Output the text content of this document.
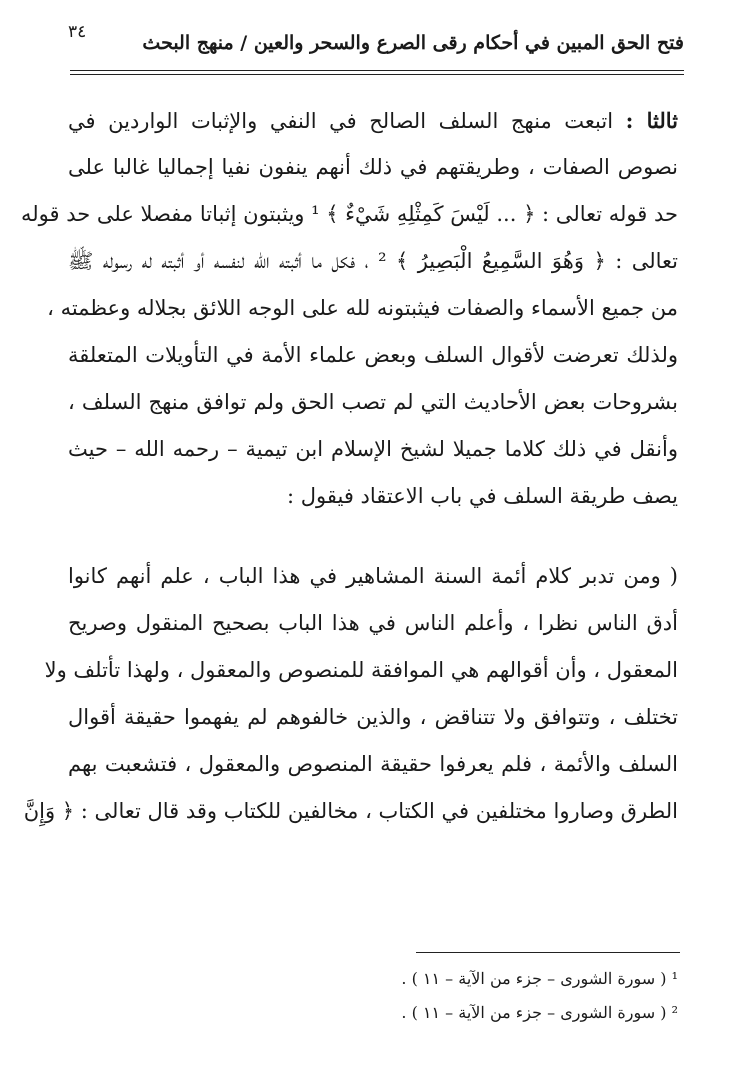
٣٤	فتح الحق المبين في أحكام رقى الصرع والسحر والعين / منهج البحث
ثالثا : اتبعت منهج السلف الصالح في النفي والإثبات الواردين في
نصوص الصفات ، وطريقتهم في ذلك أنهم ينفون نفيا إجماليا غالبا على
حد قوله تعالى : ﴿ ... لَيْسَ كَمِثْلِهِ شَيْءٌ ﴾ ¹ ويثبتون إثباتا مفصلا على حد قوله
تعالى : ﴿ وَهُوَ السَّمِيعُ الْبَصِيرُ ﴾ ² ، فكل ما أثبته الله لنفسه أو أثبته له رسوله ﷺ
من جميع الأسماء والصفات فيثبتونه لله على الوجه اللائق بجلاله وعظمته ،
ولذلك تعرضت لأقوال السلف وبعض علماء الأمة في التأويلات المتعلقة
بشروحات بعض الأحاديث التي لم تصب الحق ولم توافق منهج السلف ،
وأنقل في ذلك كلاما جميلا لشيخ الإسلام ابن تيمية – رحمه الله – حيث
يصف طريقة السلف في باب الاعتقاد فيقول :
( ومن تدبر كلام أئمة السنة المشاهير في هذا الباب ، علم أنهم كانوا
أدق الناس نظرا ، وأعلم الناس في هذا الباب بصحيح المنقول وصريح
المعقول ، وأن أقوالهم هي الموافقة للمنصوص والمعقول ، ولهذا تأتلف ولا
تختلف ، وتتوافق ولا تتناقض ، والذين خالفوهم لم يفهموا حقيقة أقوال
السلف والأئمة ، فلم يعرفوا حقيقة المنصوص والمعقول ، فتشعبت بهم
الطرق وصاروا مختلفين في الكتاب ، مخالفين للكتاب وقد قال تعالى : ﴿ وَإِنَّ
¹ ( سورة الشورى – جزء من الآية – ١١ ) .
² ( سورة الشورى – جزء من الآية – ١١ ) .
